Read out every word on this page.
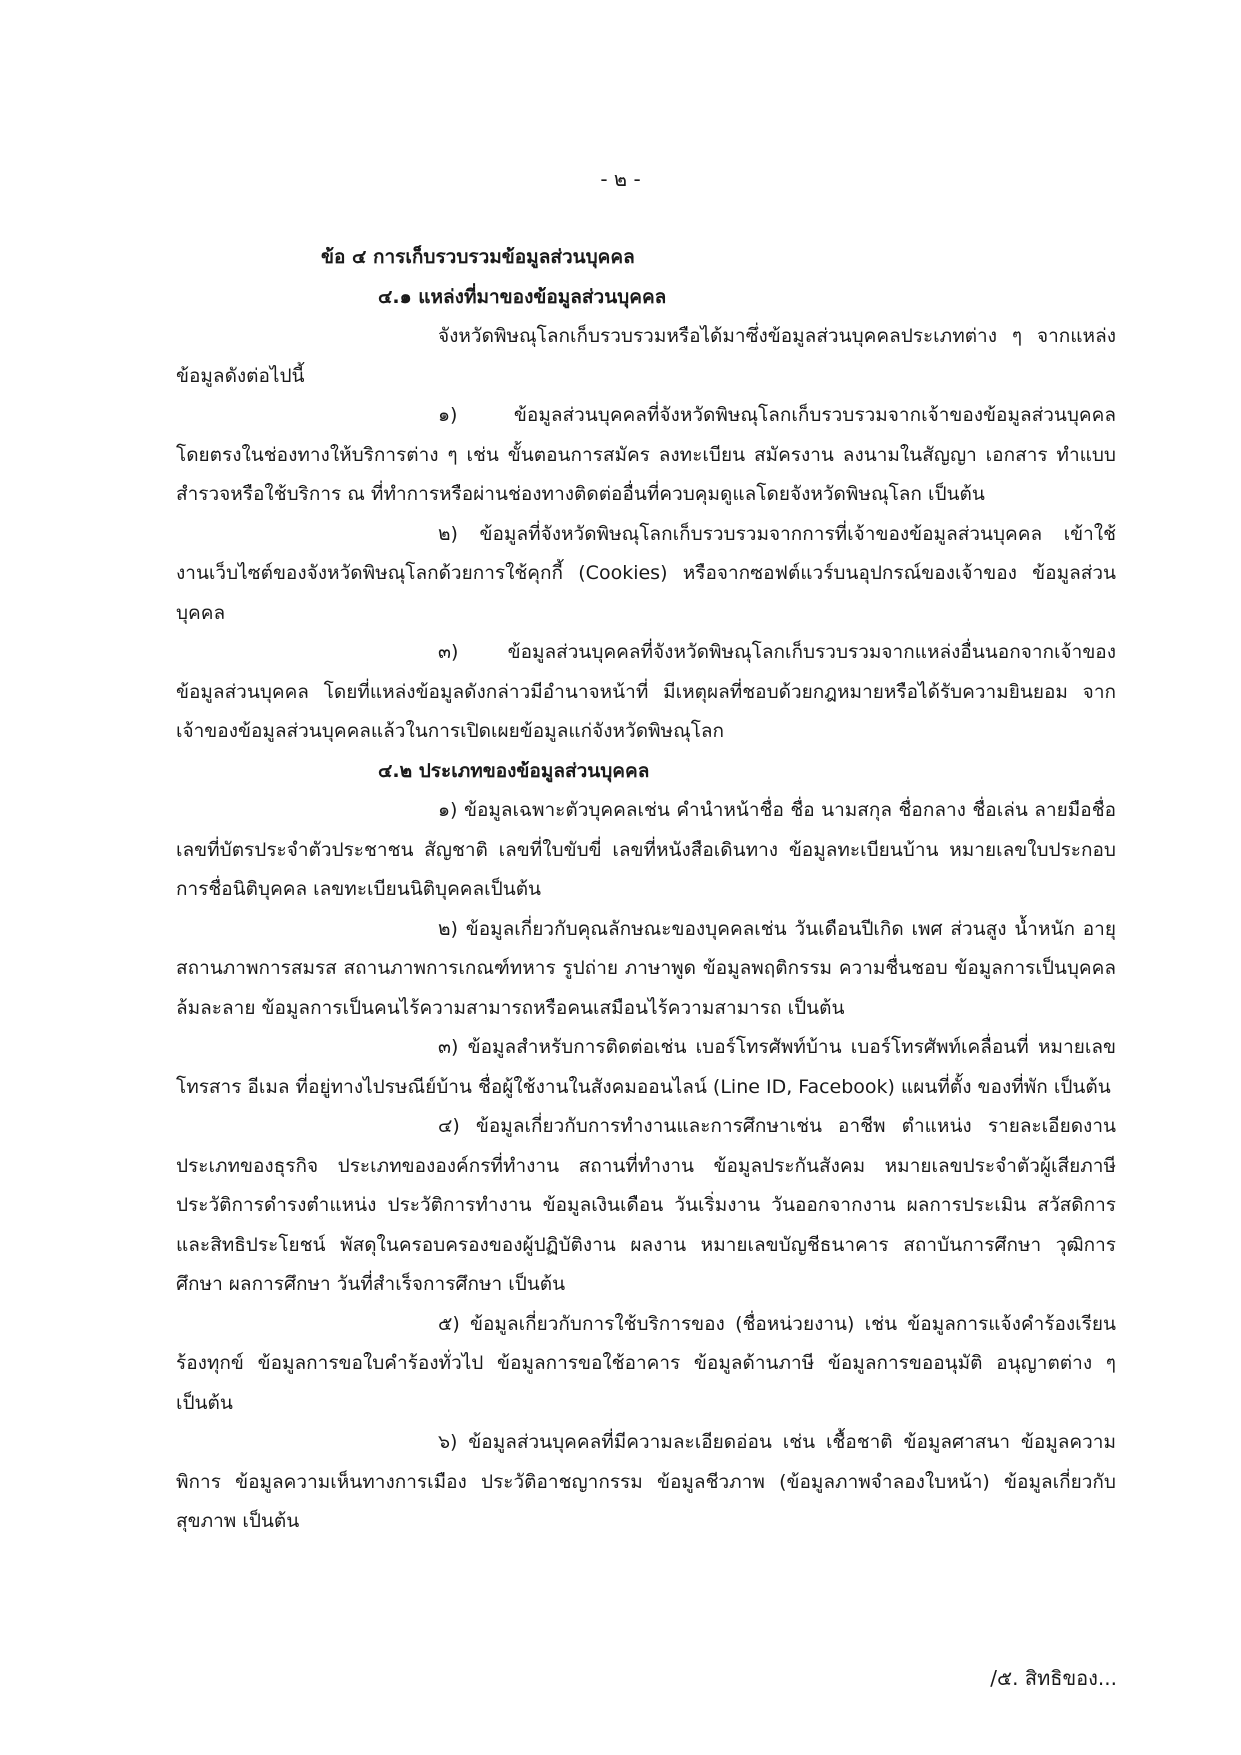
- ๒ -

ข้อ ๔ การเก็บรวบรวมข้อมูลส่วนบุคคล

๔.๑ แหล่งที่มาของข้อมูลส่วนบุคคล

จังหวัดพิษณุโลกเก็บรวบรวมหรือได้มาซึ่งข้อมูลส่วนบุคคลประเภทต่าง ๆ จากแหล่งข้อมูลดังต่อไปนี้

๑) ข้อมูลส่วนบุคคลที่จังหวัดพิษณุโลกเก็บรวบรวมจากเจ้าของข้อมูลส่วนบุคคล โดยตรงในช่องทางให้บริการต่าง ๆ เช่น ขั้นตอนการสมัคร ลงทะเบียน สมัครงาน ลงนามในสัญญา เอกสาร ทำแบบสำรวจหรือใช้บริการ ณ ที่ทำการหรือผ่านช่องทางติดต่ออื่นที่ควบคุมดูแลโดยจังหวัดพิษณุโลก เป็นต้น

๒) ข้อมูลที่จังหวัดพิษณุโลกเก็บรวบรวมจากการที่เจ้าของข้อมูลส่วนบุคคล เข้าใช้งานเว็บไซต์ของจังหวัดพิษณุโลกด้วยการใช้คุกกี้ (Cookies) หรือจากซอฟต์แวร์บนอุปกรณ์ของเจ้าของ ข้อมูลส่วนบุคคล

๓) ข้อมูลส่วนบุคคลที่จังหวัดพิษณุโลกเก็บรวบรวมจากแหล่งอื่นนอกจากเจ้าของ ข้อมูลส่วนบุคคล โดยที่แหล่งข้อมูลดังกล่าวมีอำนาจหน้าที่ มีเหตุผลที่ชอบด้วยกฎหมายหรือได้รับความยินยอม จากเจ้าของข้อมูลส่วนบุคคลแล้วในการเปิดเผยข้อมูลแก่จังหวัดพิษณุโลก

๔.๒ ประเภทของข้อมูลส่วนบุคคล

๑) ข้อมูลเฉพาะตัวบุคคลเช่น คำนำหน้าชื่อ ชื่อ นามสกุล ชื่อกลาง ชื่อเล่น ลายมือชื่อ เลขที่บัตรประจำตัวประชาชน สัญชาติ เลขที่ใบขับขี่ เลขที่หนังสือเดินทาง ข้อมูลทะเบียนบ้าน หมายเลขใบประกอบการชื่อนิติบุคคล เลขทะเบียนนิติบุคคลเป็นต้น

๒) ข้อมูลเกี่ยวกับคุณลักษณะของบุคคลเช่น วันเดือนปีเกิด เพศ ส่วนสูง น้ำหนัก อายุ สถานภาพการสมรส สถานภาพการเกณฑ์ทหาร รูปถ่าย ภาษาพูด ข้อมูลพฤติกรรม ความชื่นชอบ ข้อมูลการเป็นบุคคลล้มละลาย ข้อมูลการเป็นคนไร้ความสามารถหรือคนเสมือนไร้ความสามารถ เป็นต้น

๓) ข้อมูลสำหรับการติดต่อเช่น เบอร์โทรศัพท์บ้าน เบอร์โทรศัพท์เคลื่อนที่ หมายเลขโทรสาร อีเมล ที่อยู่ทางไปรษณีย์บ้าน ชื่อผู้ใช้งานในสังคมออนไลน์ (Line ID, Facebook) แผนที่ตั้ง ของที่พัก เป็นต้น

๔) ข้อมูลเกี่ยวกับการทำงานและการศึกษาเช่น อาชีพ ตำแหน่ง รายละเอียดงาน ประเภทของธุรกิจ ประเภทขององค์กรที่ทำงาน สถานที่ทำงาน ข้อมูลประกันสังคม หมายเลขประจำตัวผู้เสียภาษี ประวัติการดำรงตำแหน่ง ประวัติการทำงาน ข้อมูลเงินเดือน วันเริ่มงาน วันออกจากงาน ผลการประเมิน สวัสดิการและสิทธิประโยชน์ พัสดุในครอบครองของผู้ปฏิบัติงาน ผลงาน หมายเลขบัญชีธนาคาร สถาบันการศึกษา วุฒิการศึกษา ผลการศึกษา วันที่สำเร็จการศึกษา เป็นต้น

๕) ข้อมูลเกี่ยวกับการใช้บริการของ (ชื่อหน่วยงาน) เช่น ข้อมูลการแจ้งคำร้องเรียน ร้องทุกข์ ข้อมูลการขอใบคำร้องทั่วไป ข้อมูลการขอใช้อาคาร ข้อมูลด้านภาษี ข้อมูลการขออนุมัติ อนุญาตต่าง ๆ เป็นต้น

๖) ข้อมูลส่วนบุคคลที่มีความละเอียดอ่อน เช่น เชื้อชาติ ข้อมูลศาสนา ข้อมูลความพิการ ข้อมูลความเห็นทางการเมือง ประวัติอาชญากรรม ข้อมูลชีวภาพ (ข้อมูลภาพจำลองใบหน้า) ข้อมูลเกี่ยวกับสุขภาพ เป็นต้น

/๕. สิทธิของ...
